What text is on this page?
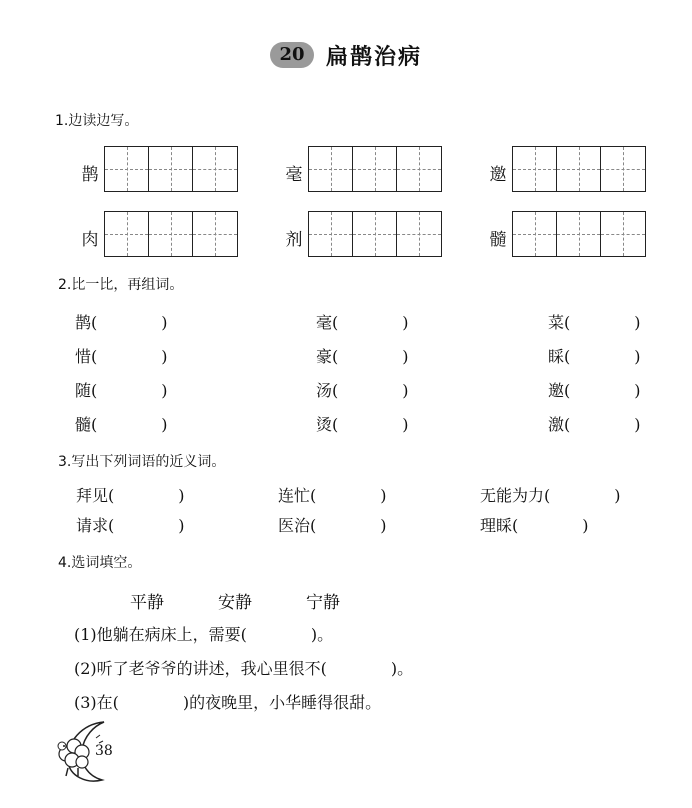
20 扁鹊治病
1.边读边写。
鹊	毫	邀
肉	剂	髓
2.比一比，再组词。
鹊(　　　　)	毫(　　　　)	菜(　　　　)
惜(　　　　)	豪(　　　　)	睬(　　　　)
随(　　　　)	汤(　　　　)	邀(　　　　)
髓(　　　　)	烫(　　　　)	激(　　　　)
3.写出下列词语的近义词。
拜见(　　　　)	连忙(　　　　)	无能为力(　　　　)
请求(　　　　)	医治(　　　　)	理睬(　　　　)
4.选词填空。
平静	安静	宁静
(1)他躺在病床上，需要(　　　　)。
(2)听了老爷爷的讲述，我心里很不(　　　　)。
(3)在(　　　　)的夜晚里，小华睡得很甜。
38
